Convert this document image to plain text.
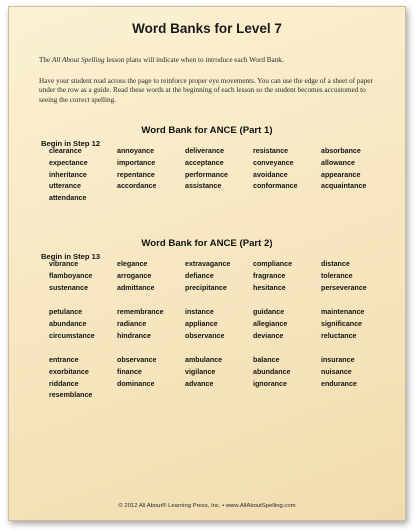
Word Banks for Level 7

The All About Spelling lesson plans will indicate when to introduce each Word Bank.

Have your student read across the page to reinforce proper eye movements. You can use the edge of a sheet of paper under the row as a guide. Read these words at the beginning of each lesson so the student becomes accustomed to seeing the correct spelling.

Word Bank for ANCE (Part 1)
Begin in Step 12
clearance	annoyance	deliverance	resistance	absorbance
expectance	importance	acceptance	conveyance	allowance
inheritance	repentance	performance	avoidance	appearance
utterance	accordance	assistance	conformance	acquaintance
attendance
Word Bank for ANCE (Part 2)
Begin in Step 13
vibrance	elegance	extravagance	compliance	distance
flamboyance	arrogance	defiance	fragrance	tolerance
sustenance	admittance	precipitance	hesitance	perseverance
petulance	remembrance	instance	guidance	maintenance
abundance	radiance	appliance	allegiance	significance
circumstance	hindrance	observance	deviance	reluctance
entrance	observance	ambulance	balance	insurance
exorbitance	finance	vigilance	abundance	nuisance
riddance	dominance	advance	ignorance	endurance
resemblance
© 2012 All About® Learning Press, Inc. • www.AllAboutSpelling.com
